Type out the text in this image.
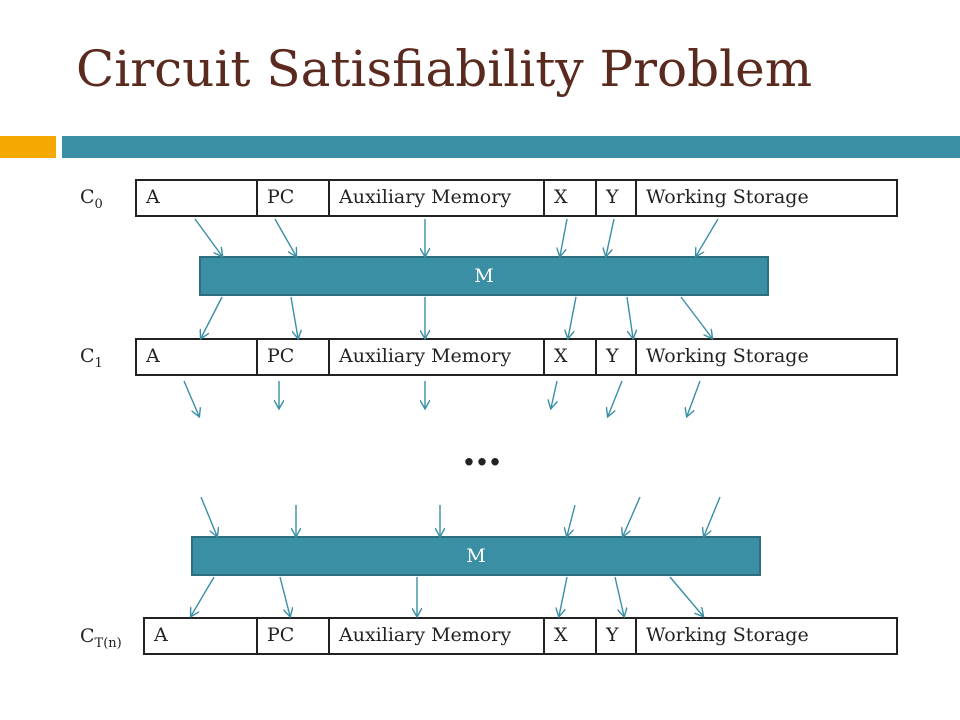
Circuit Satisfiability Problem
$C_0$	A	PC	Auxiliary Memory	X	Y	Working Storage
M
$C_1$	A	PC	Auxiliary Memory	X	Y	Working Storage
…
M
$C_{T(n)}$	A	PC	Auxiliary Memory	X	Y	Working Storage
